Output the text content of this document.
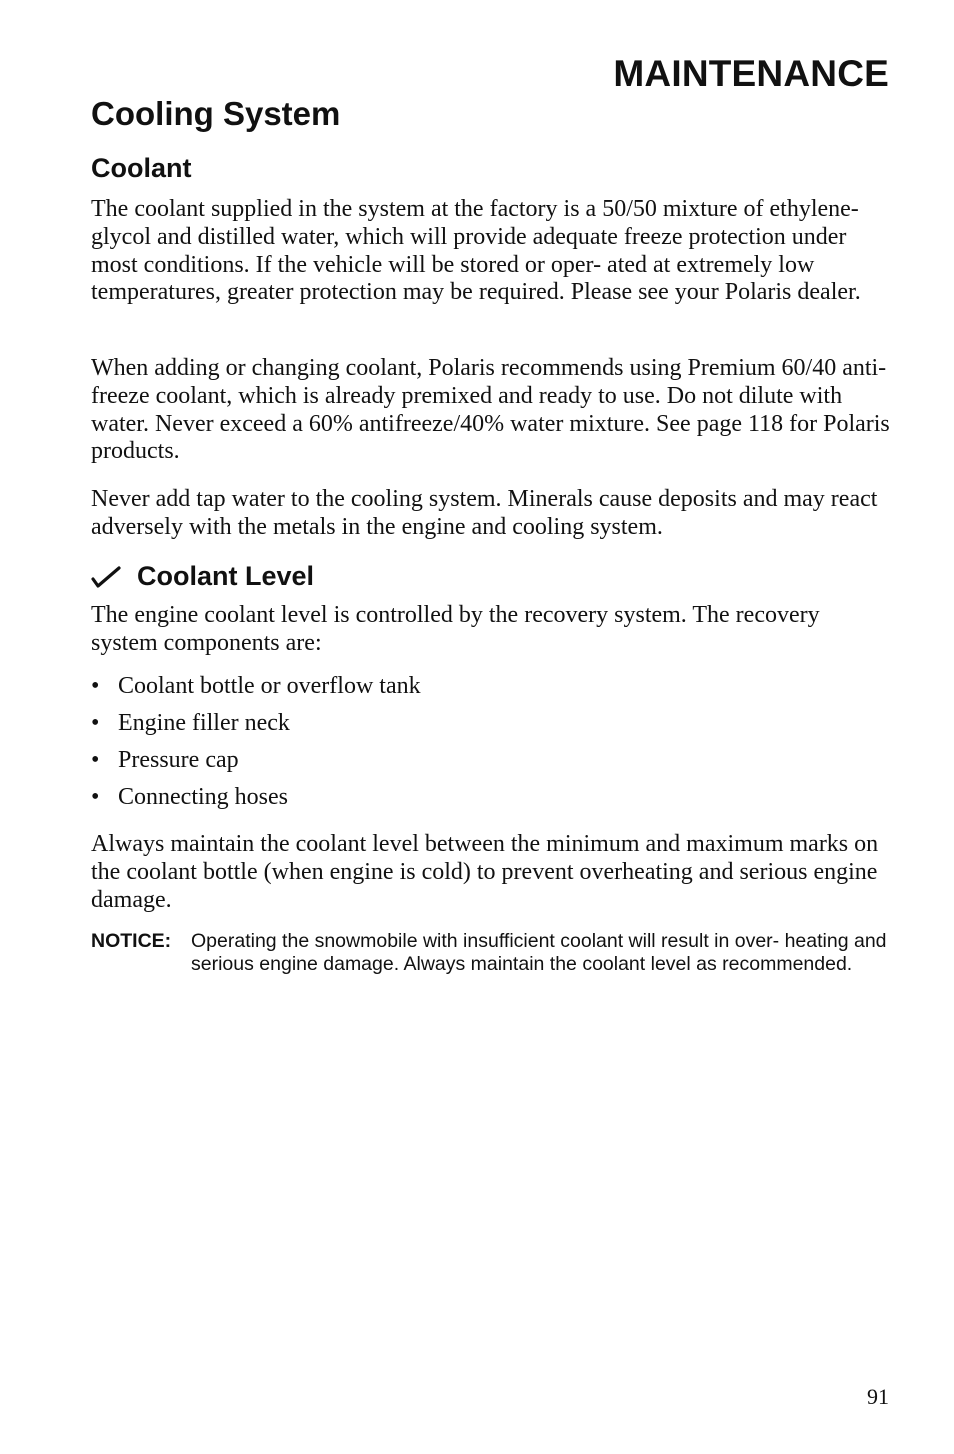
MAINTENANCE
Cooling System
Coolant

The coolant supplied in the system at the factory is a 50/50 mixture of ethylene-glycol and distilled water, which will provide adequate freeze protection under most conditions. If the vehicle will be stored or oper- ated at extremely low temperatures, greater protection may be required. Please see your Polaris dealer.

When adding or changing coolant, Polaris recommends using Premium 60/40 anti-freeze coolant, which is already premixed and ready to use. Do not dilute with water. Never exceed a 60% antifreeze/40% water mixture. See page 118 for Polaris products.

Never add tap water to the cooling system. Minerals cause deposits and may react adversely with the metals in the engine and cooling system.

Coolant Level

The engine coolant level is controlled by the recovery system. The recovery system components are:

• Coolant bottle or overflow tank
• Engine filler neck
• Pressure cap
• Connecting hoses

Always maintain the coolant level between the minimum and maximum marks on the coolant bottle (when engine is cold) to prevent overheating and serious engine damage.

NOTICE: Operating the snowmobile with insufficient coolant will result in over- heating and serious engine damage. Always maintain the coolant level as recommended.
91
